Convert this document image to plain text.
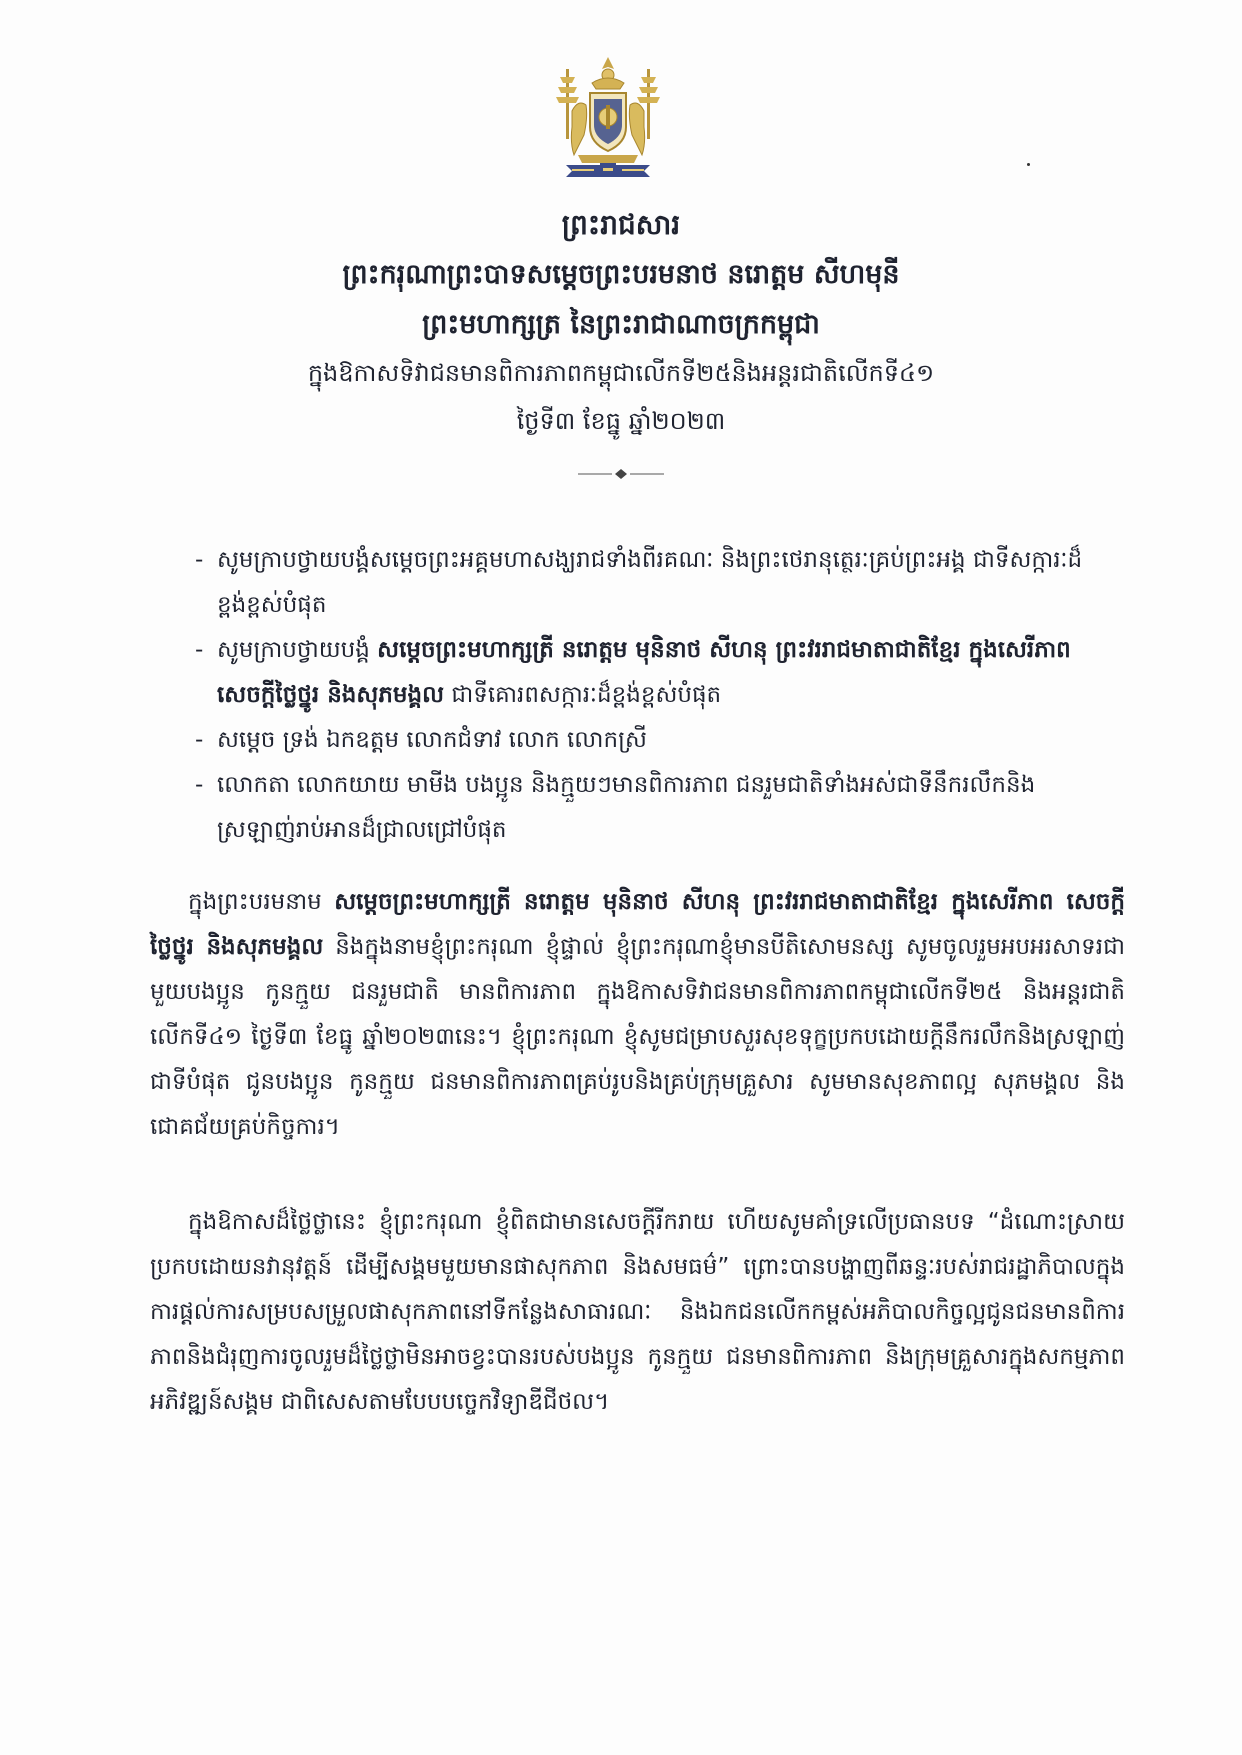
ព្រះរាជសារ
ព្រះករុណាព្រះបាទសម្តេចព្រះបរមនាថ នរោត្តម សីហមុនី
ព្រះមហាក្សត្រ នៃព្រះរាជាណាចក្រកម្ពុជា
ក្នុងឱកាសទិវាជនមានពិការភាពកម្ពុជាលើកទី២៥និងអន្តរជាតិលើកទី៤១
ថ្ងៃទី៣ ខែធ្នូ ឆ្នាំ២០២៣

- សូមក្រាបថ្វាយបង្គំសម្តេចព្រះអគ្គមហាសង្ឃរាជទាំងពីរគណៈ និងព្រះថេរានុត្ថេរៈគ្រប់ព្រះអង្គ ជាទីសក្ការៈដ៏ខ្ពង់ខ្ពស់បំផុត

- សូមក្រាបថ្វាយបង្គំ សម្តេចព្រះមហាក្សត្រី នរោត្តម មុនិនាថ សីហនុ ព្រះវររាជមាតាជាតិខ្មែរ ក្នុងសេរីភាព សេចក្តីថ្លៃថ្នូរ និងសុភមង្គល ជាទីគោរពសក្ការៈដ៏ខ្ពង់ខ្ពស់បំផុត

- សម្តេច ទ្រង់ ឯកឧត្តម លោកជំទាវ លោក លោកស្រី

- លោកតា លោកយាយ មាមីង បងប្អូន និងក្មួយៗមានពិការភាព ជនរួមជាតិទាំងអស់ជាទីនឹករលឹកនិងស្រឡាញ់រាប់អានដ៏ជ្រាលជ្រៅបំផុត

ក្នុងព្រះបរមនាម សម្តេចព្រះមហាក្សត្រី នរោត្តម មុនិនាថ សីហនុ ព្រះវររាជមាតាជាតិខ្មែរ ក្នុងសេរីភាព សេចក្តីថ្លៃថ្នូរ និងសុភមង្គល និងក្នុងនាមខ្ញុំព្រះករុណា ខ្ញុំផ្ទាល់ ខ្ញុំព្រះករុណាខ្ញុំមានបីតិសោមនស្ស សូមចូលរួមអបអរសាទរជាមួយបងប្អូន កូនក្មួយ ជនរួមជាតិ មានពិការភាព ក្នុងឱកាសទិវាជនមានពិការភាពកម្ពុជាលើកទី២៥ និងអន្តរជាតិលើកទី៤១ ថ្ងៃទី៣ ខែធ្នូ ឆ្នាំ២០២៣នេះ។ ខ្ញុំព្រះករុណា ខ្ញុំសូមជម្រាបសួរសុខទុក្ខប្រកបដោយក្តីនឹករលឹកនិងស្រឡាញ់ជាទីបំផុត ជូនបងប្អូន កូនក្មួយ ជនមានពិការភាពគ្រប់រូបនិងគ្រប់ក្រុមគ្រួសារ សូមមានសុខភាពល្អ សុភមង្គល និងជោគជ័យគ្រប់កិច្ចការ។
ក្នុងឱកាសដ៏ថ្លៃថ្លានេះ ខ្ញុំព្រះករុណា ខ្ញុំពិតជាមានសេចក្តីរីករាយ ហើយសូមគាំទ្រលើប្រធានបទ “ដំណោះស្រាយប្រកបដោយនវានុវត្តន៍ ដើម្បីសង្គមមួយមានផាសុកភាព និងសមធម៌” ព្រោះបានបង្ហាញពីឆន្ទៈរបស់រាជរដ្ឋាភិបាលក្នុងការផ្តល់ការសម្របសម្រួលផាសុកភាពនៅទីកន្លែងសាធារណៈ និងឯកជនលើកកម្ពស់អភិបាលកិច្ចល្អជូនជនមានពិការភាពនិងជំរុញការចូលរួមដ៏ថ្លៃថ្លាមិនអាចខ្វះបានរបស់បងប្អូន កូនក្មួយ ជនមានពិការភាព និងក្រុមគ្រួសារក្នុងសកម្មភាពអភិវឌ្ឍន៍សង្គម ជាពិសេសតាមបែបបច្ចេកវិទ្យាឌីជីថល។
